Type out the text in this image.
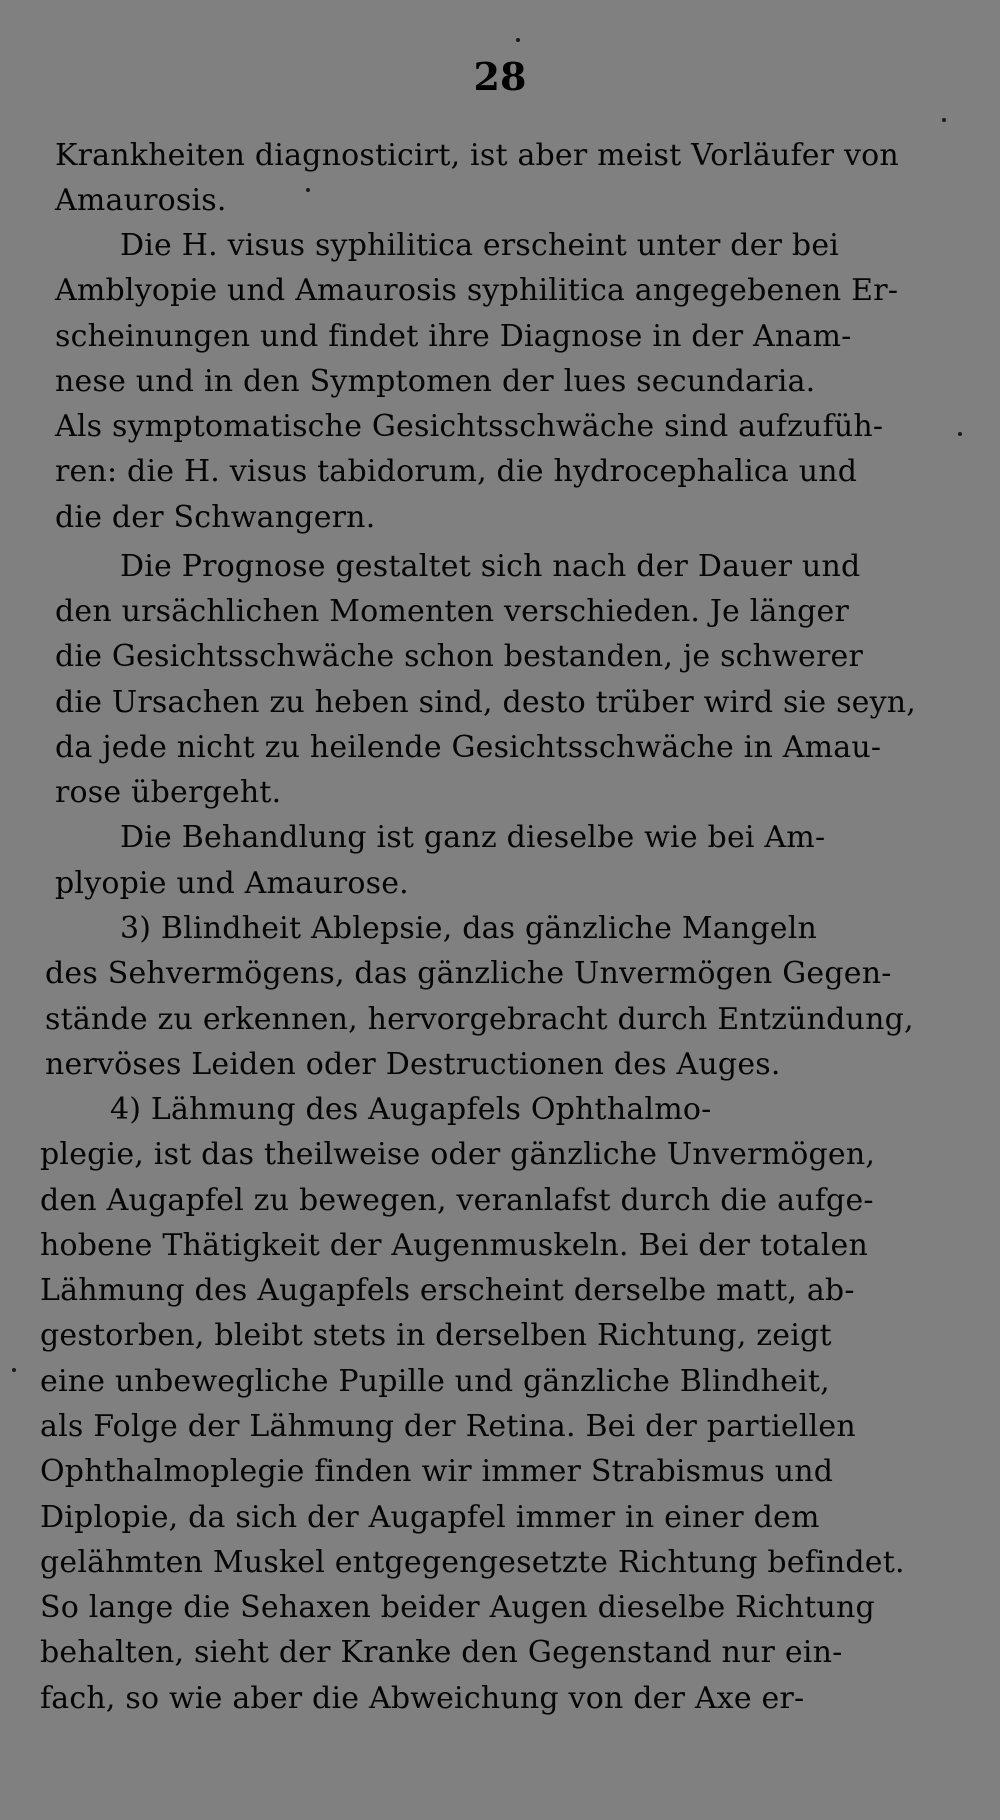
28
Krankheiten diagnosticirt, ist aber meist Vorläufer von
Amaurosis.
Die H. visus syphilitica erscheint unter der bei
Amblyopie und Amaurosis syphilitica angegebenen Er-
scheinungen und findet ihre Diagnose in der Anam-
nese und in den Symptomen der lues secundaria.
Als symptomatische Gesichtsschwäche sind aufzufüh-
ren: die H. visus tabidorum, die hydrocephalica und
die der Schwangern.
Die Prognose gestaltet sich nach der Dauer und
den ursächlichen Momenten verschieden. Je länger
die Gesichtsschwäche schon bestanden, je schwerer
die Ursachen zu heben sind, desto trüber wird sie seyn,
da jede nicht zu heilende Gesichtsschwäche in Amau-
rose übergeht.
Die Behandlung ist ganz dieselbe wie bei Am-
plyopie und Amaurose.
3) Blindheit Ablepsie, das gänzliche Mangeln
des Sehvermögens, das gänzliche Unvermögen Gegen-
stände zu erkennen, hervorgebracht durch Entzündung,
nervöses Leiden oder Destructionen des Auges.
4) Lähmung des Augapfels Ophthalmo-
plegie, ist das theilweise oder gänzliche Unvermögen,
den Augapfel zu bewegen, veranlafst durch die aufge-
hobene Thätigkeit der Augenmuskeln. Bei der totalen
Lähmung des Augapfels erscheint derselbe matt, ab-
gestorben, bleibt stets in derselben Richtung, zeigt
eine unbewegliche Pupille und gänzliche Blindheit,
als Folge der Lähmung der Retina. Bei der partiellen
Ophthalmoplegie finden wir immer Strabismus und
Diplopie, da sich der Augapfel immer in einer dem
gelähmten Muskel entgegengesetzte Richtung befindet.
So lange die Sehaxen beider Augen dieselbe Richtung
behalten, sieht der Kranke den Gegenstand nur ein-
fach, so wie aber die Abweichung von der Axe er-
